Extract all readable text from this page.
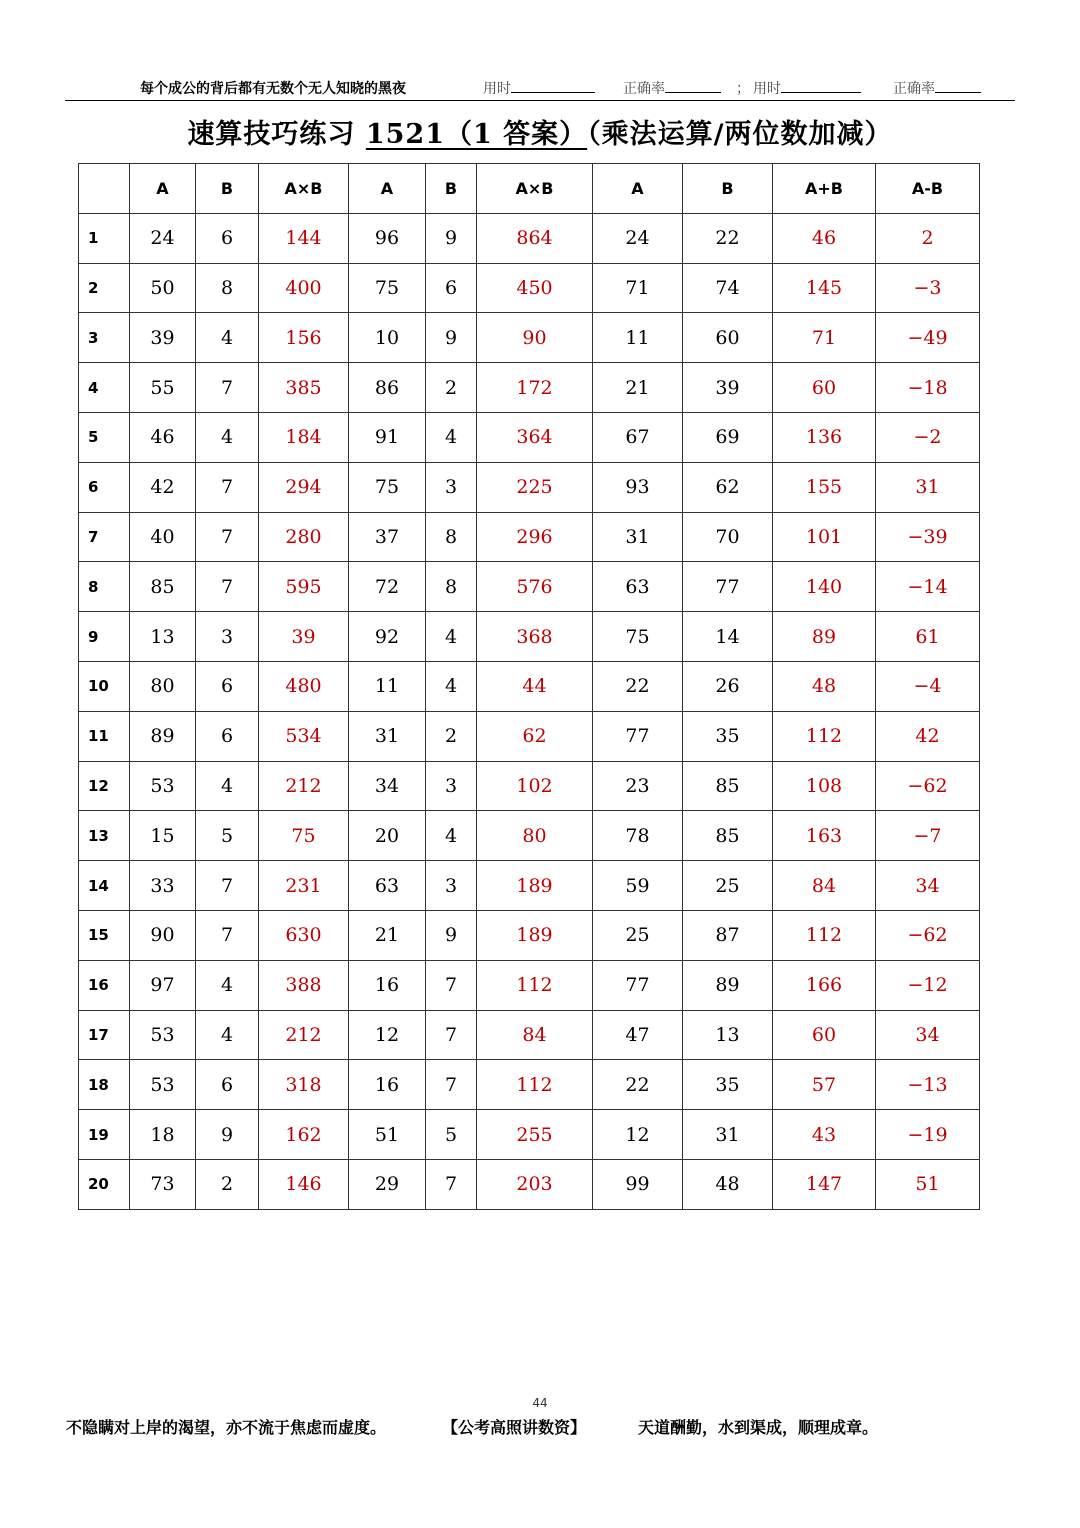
每个成公的背后都有无数个无人知晓的黑夜	用时	正确率	； 用时	正确率
速算技巧练习 1521（1 答案）（乘法运算/两位数加减）
	A	B	A×B	A	B	A×B	A	B	A+B	A-B
1	24	6	144	96	9	864	24	22	46	2
2	50	8	400	75	6	450	71	74	145	−3
3	39	4	156	10	9	90	11	60	71	−49
4	55	7	385	86	2	172	21	39	60	−18
5	46	4	184	91	4	364	67	69	136	−2
6	42	7	294	75	3	225	93	62	155	31
7	40	7	280	37	8	296	31	70	101	−39
8	85	7	595	72	8	576	63	77	140	−14
9	13	3	39	92	4	368	75	14	89	61
10	80	6	480	11	4	44	22	26	48	−4
11	89	6	534	31	2	62	77	35	112	42
12	53	4	212	34	3	102	23	85	108	−62
13	15	5	75	20	4	80	78	85	163	−7
14	33	7	231	63	3	189	59	25	84	34
15	90	7	630	21	9	189	25	87	112	−62
16	97	4	388	16	7	112	77	89	166	−12
17	53	4	212	12	7	84	47	13	60	34
18	53	6	318	16	7	112	22	35	57	−13
19	18	9	162	51	5	255	12	31	43	−19
20	73	2	146	29	7	203	99	48	147	51
44
不隐瞒对上岸的渴望，亦不流于焦虑而虚度。	【公考高照讲数资】	天道酬勤，水到渠成，顺理成章。
